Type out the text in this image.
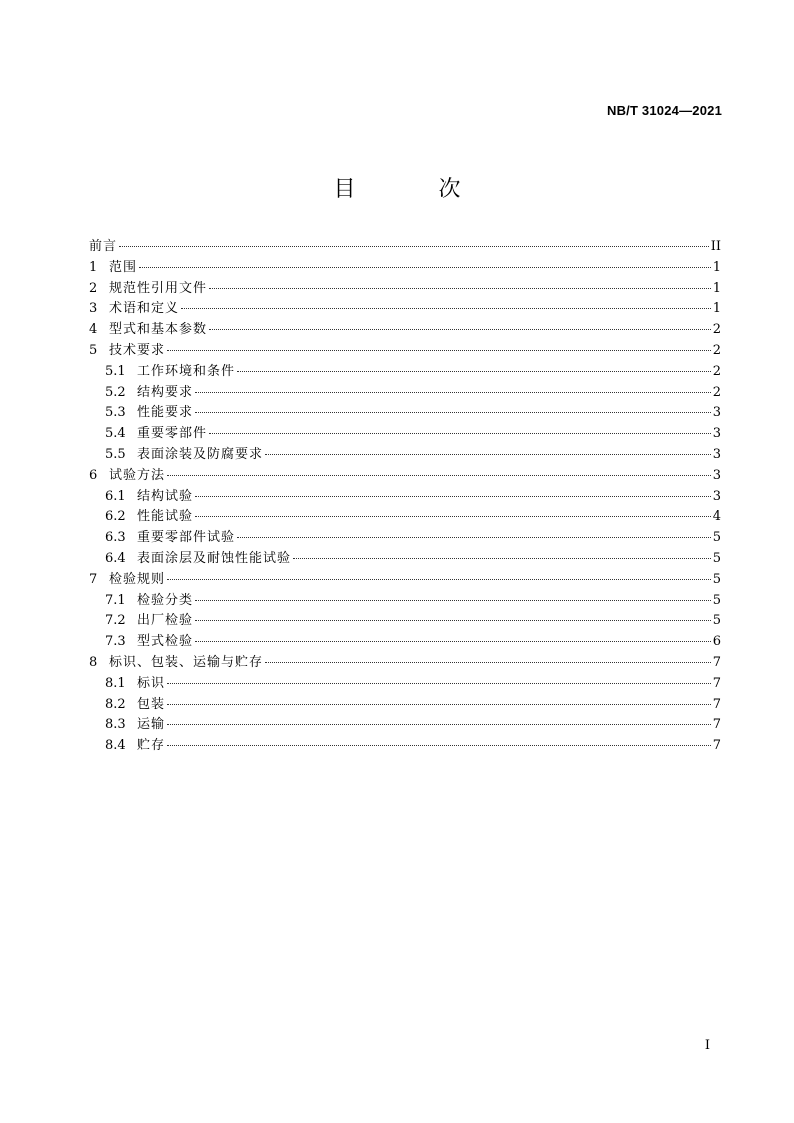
NB/T 31024—2021
目 次
前言	II
1 范围	1
2 规范性引用文件	1
3 术语和定义	1
4 型式和基本参数	2
5 技术要求	2
5.1 工作环境和条件	2
5.2 结构要求	2
5.3 性能要求	3
5.4 重要零部件	3
5.5 表面涂装及防腐要求	3
6 试验方法	3
6.1 结构试验	3
6.2 性能试验	4
6.3 重要零部件试验	5
6.4 表面涂层及耐蚀性能试验	5
7 检验规则	5
7.1 检验分类	5
7.2 出厂检验	5
7.3 型式检验	6
8 标识、包装、运输与贮存	7
8.1 标识	7
8.2 包装	7
8.3 运输	7
8.4 贮存	7
I
